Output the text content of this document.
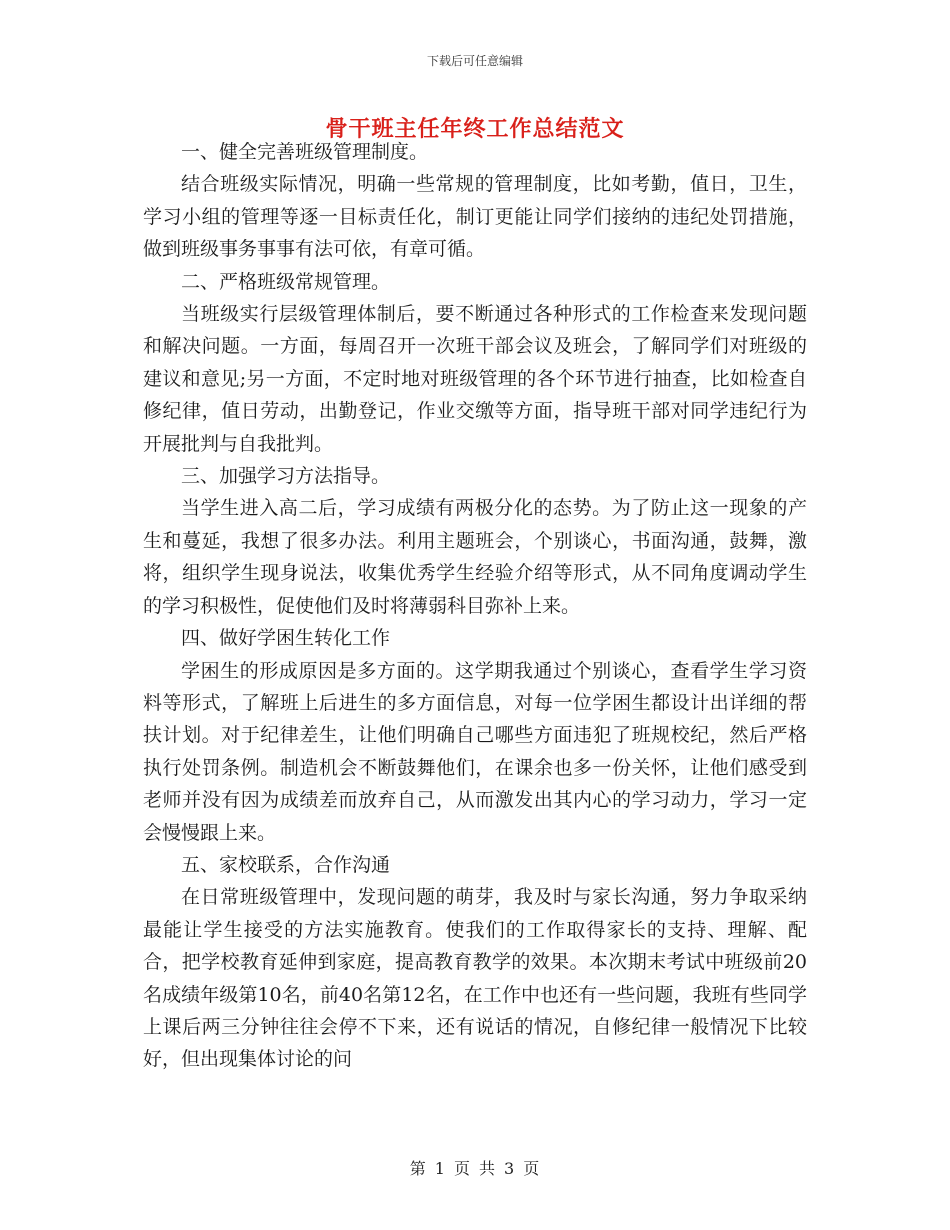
下载后可任意编辑
骨干班主任年终工作总结范文

一、健全完善班级管理制度。

结合班级实际情况，明确一些常规的管理制度，比如考勤，值日，卫生，学习小组的管理等逐一目标责任化，制订更能让同学们接纳的违纪处罚措施，做到班级事务事事有法可依，有章可循。

二、严格班级常规管理。

当班级实行层级管理体制后，要不断通过各种形式的工作检查来发现问题和解决问题。一方面，每周召开一次班干部会议及班会，了解同学们对班级的建议和意见;另一方面，不定时地对班级管理的各个环节进行抽查，比如检查自修纪律，值日劳动，出勤登记，作业交缴等方面，指导班干部对同学违纪行为开展批判与自我批判。

三、加强学习方法指导。

当学生进入高二后，学习成绩有两极分化的态势。为了防止这一现象的产生和蔓延，我想了很多办法。利用主题班会，个别谈心，书面沟通，鼓舞，激将，组织学生现身说法，收集优秀学生经验介绍等形式，从不同角度调动学生的学习积极性，促使他们及时将薄弱科目弥补上来。

四、做好学困生转化工作

学困生的形成原因是多方面的。这学期我通过个别谈心，查看学生学习资料等形式，了解班上后进生的多方面信息，对每一位学困生都设计出详细的帮扶计划。对于纪律差生，让他们明确自己哪些方面违犯了班规校纪，然后严格执行处罚条例。制造机会不断鼓舞他们，在课余也多一份关怀，让他们感受到老师并没有因为成绩差而放弃自己，从而激发出其内心的学习动力，学习一定会慢慢跟上来。

五、家校联系，合作沟通

在日常班级管理中，发现问题的萌芽，我及时与家长沟通，努力争取采纳最能让学生接受的方法实施教育。使我们的工作取得家长的支持、理解、配合，把学校教育延伸到家庭，提高教育教学的效果。本次期末考试中班级前20名成绩年级第10名，前40名第12名，在工作中也还有一些问题，我班有些同学上课后两三分钟往往会停不下来，还有说话的情况，自修纪律一般情况下比较好，但出现集体讨论的问

第 1 页 共 3 页
